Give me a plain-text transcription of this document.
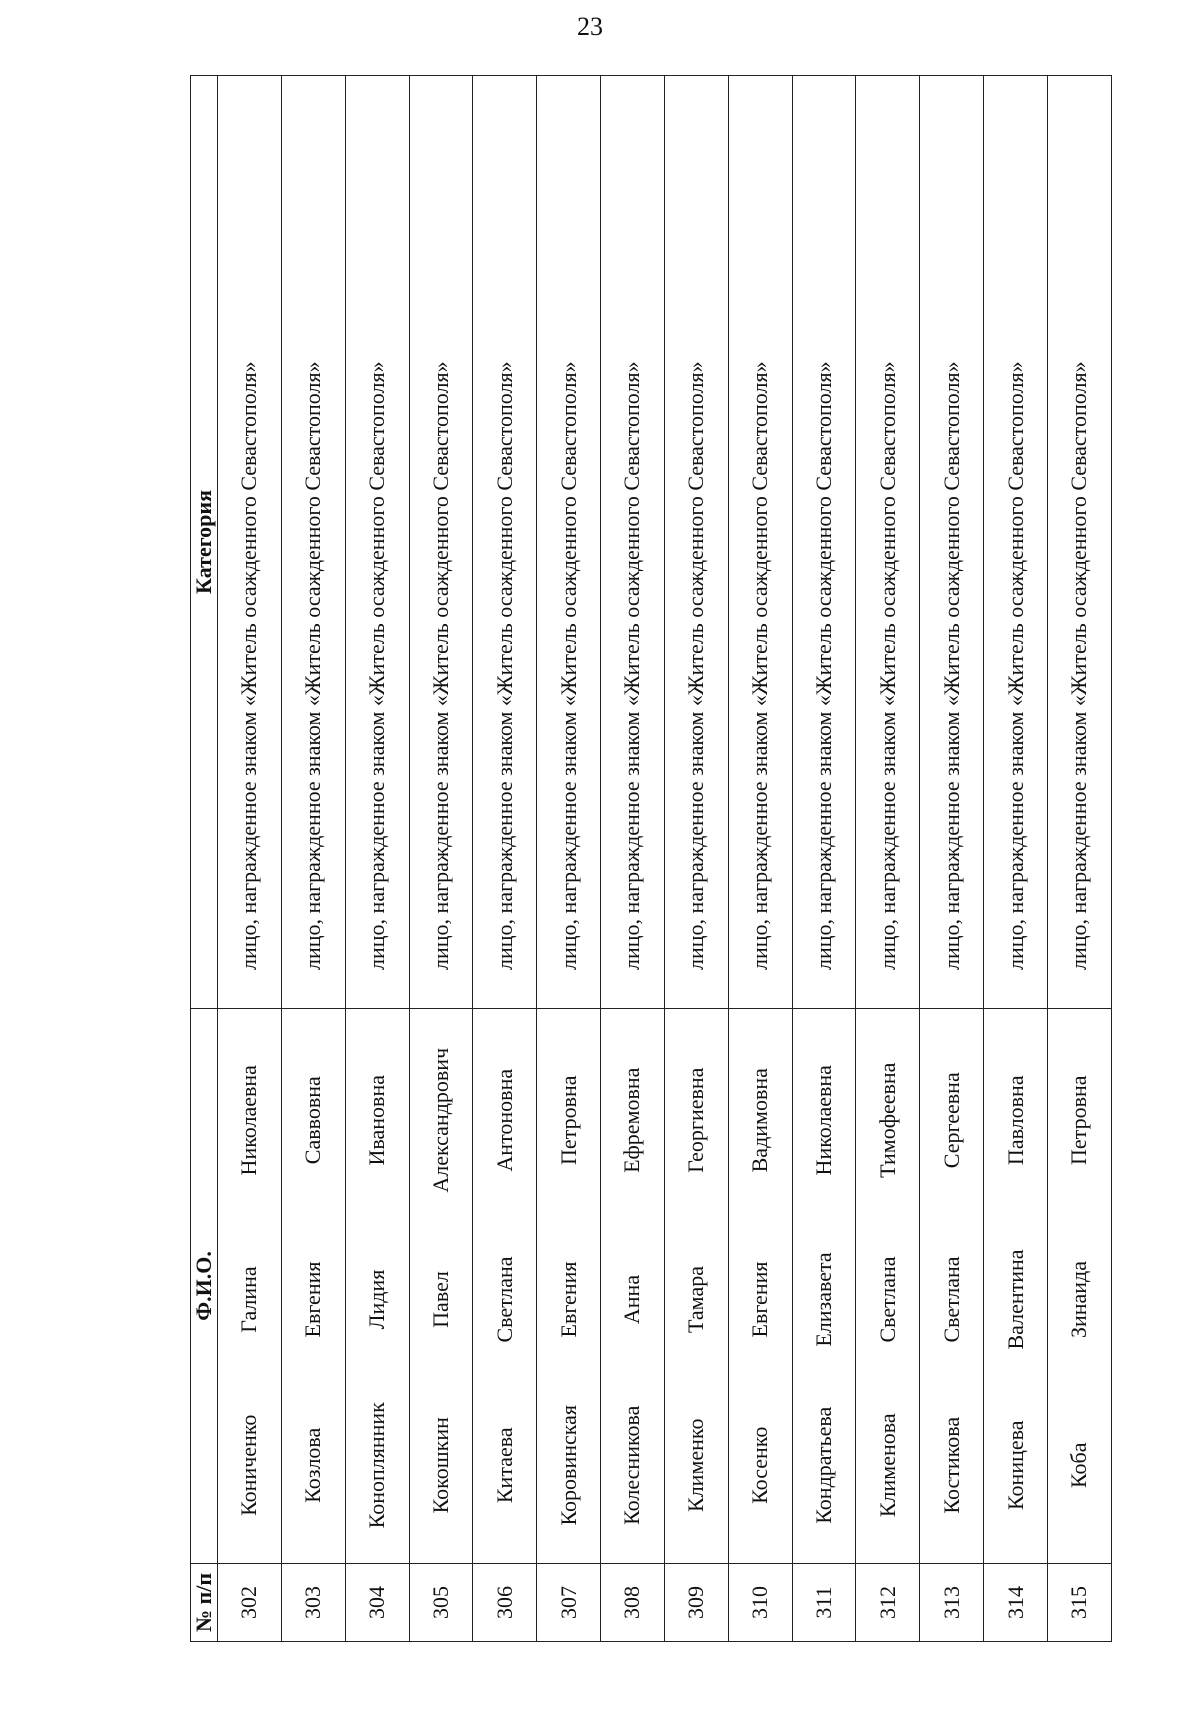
23
№ п/п	Ф.И.О.			Категория
302	Кониченко	Галина	Николаевна	лицо, награжденное знаком «Житель осажденного Севастополя»
303	Козлова	Евгения	Саввовна	лицо, награжденное знаком «Житель осажденного Севастополя»
304	Коноплянник	Лидия	Ивановна	лицо, награжденное знаком «Житель осажденного Севастополя»
305	Кокошкин	Павел	Александрович	лицо, награжденное знаком «Житель осажденного Севастополя»
306	Китаева	Светлана	Антоновна	лицо, награжденное знаком «Житель осажденного Севастополя»
307	Коровинская	Евгения	Петровна	лицо, награжденное знаком «Житель осажденного Севастополя»
308	Колесникова	Анна	Ефремовна	лицо, награжденное знаком «Житель осажденного Севастополя»
309	Клименко	Тамара	Георгиевна	лицо, награжденное знаком «Житель осажденного Севастополя»
310	Косенко	Евгения	Вадимовна	лицо, награжденное знаком «Житель осажденного Севастополя»
311	Кондратьева	Елизавета	Николаевна	лицо, награжденное знаком «Житель осажденного Севастополя»
312	Клименова	Светлана	Тимофеевна	лицо, награжденное знаком «Житель осажденного Севастополя»
313	Костикова	Светлана	Сергеевна	лицо, награжденное знаком «Житель осажденного Севастополя»
314	Коницева	Валентина	Павловна	лицо, награжденное знаком «Житель осажденного Севастополя»
315	Коба	Зинаида	Петровна	лицо, награжденное знаком «Житель осажденного Севастополя»
